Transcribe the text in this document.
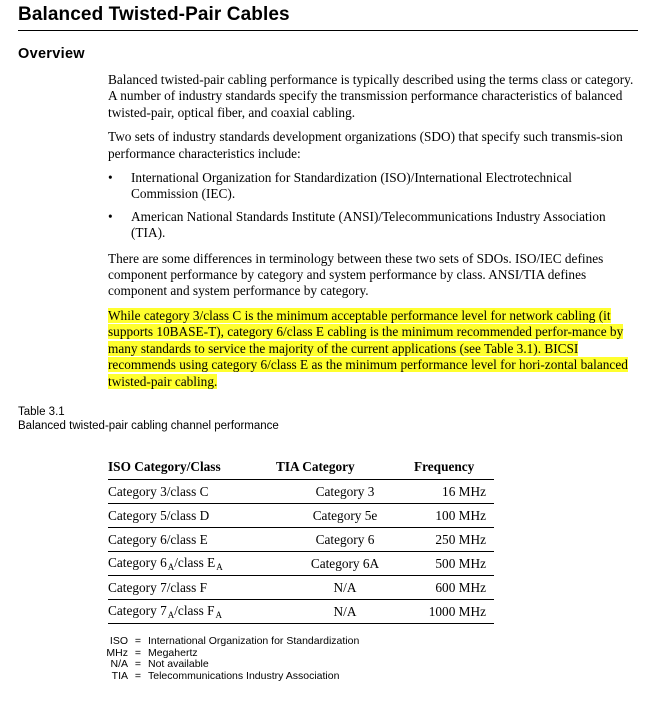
Balanced Twisted-Pair Cables
Overview

Balanced twisted-pair cabling performance is typically described using the terms class or category. A number of industry standards specify the transmission performance characteristics of balanced twisted-pair, optical fiber, and coaxial cabling.

Two sets of industry standards development organizations (SDO) that specify such transmis-sion performance characteristics include:

• International Organization for Standardization (ISO)/International Electrotechnical Commission (IEC).
• American National Standards Institute (ANSI)/Telecommunications Industry Association (TIA).

There are some differences in terminology between these two sets of SDOs. ISO/IEC defines component performance by category and system performance by class. ANSI/TIA defines component and system performance by category.

While category 3/class C is the minimum acceptable performance level for network cabling (it supports 10BASE-T), category 6/class E cabling is the minimum recommended perfor-mance by many standards to service the majority of the current applications (see Table 3.1). BICSI recommends using category 6/class E as the minimum performance level for hori-zontal balanced twisted-pair cabling.

Table 3.1
Balanced twisted-pair cabling channel performance
ISO Category/Class	TIA Category	Frequency
Category 3/class C	Category 3	16 MHz
Category 5/class D	Category 5e	100 MHz
Category 6/class E	Category 6	250 MHz
Category $6_A$/class $E_A$	Category 6A	500 MHz
Category 7/class F	N/A	600 MHz
Category $7_A$/class $F_A$	N/A	1000 MHz
ISO	=	International Organization for Standardization
MHz	=	Megahertz
N/A	=	Not available
TIA	=	Telecommunications Industry Association
